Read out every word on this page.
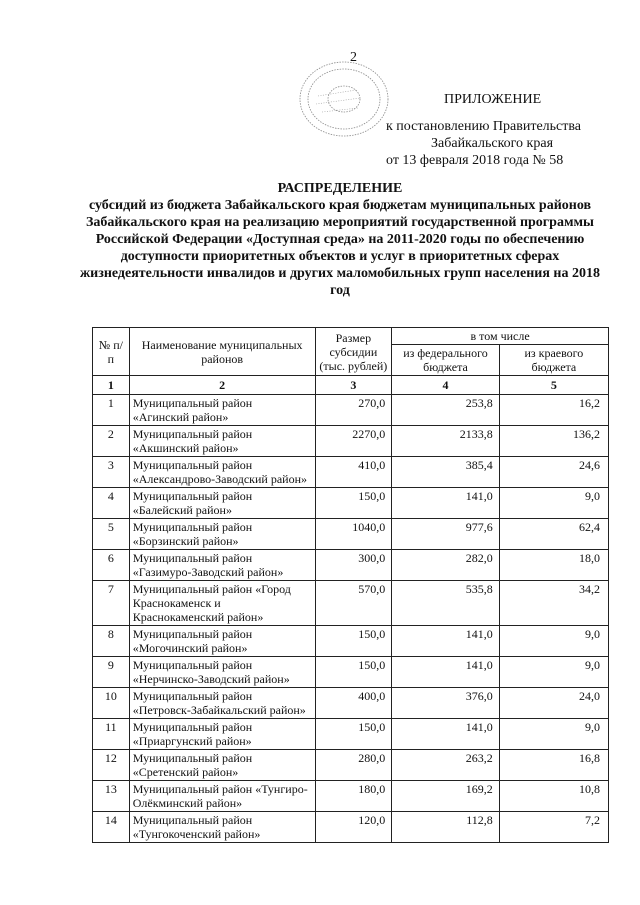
2
ПРИЛОЖЕНИЕ
к постановлению Правительства
Забайкальского края
от 13 февраля 2018 года № 58
РАСПРЕДЕЛЕНИЕ
субсидий из бюджета Забайкальского края бюджетам муниципальных районов Забайкальского края на реализацию мероприятий государственной программы Российской Федерации «Доступная среда» на 2011-2020 годы по обеспечению доступности приоритетных объектов и услуг в приоритетных сферах жизнедеятельности инвалидов и других маломобильных групп населения на 2018 год
№ п/п	Наименование муниципальных районов	Размер субсидии (тыс. рублей)	в том числе	
			из федерального бюджета	из краевого бюджета
1	2	3	4	5
1	Муниципальный район «Агинский район»	270,0	253,8	16,2
2	Муниципальный район «Акшинский район»	2270,0	2133,8	136,2
3	Муниципальный район «Александрово-Заводский район»	410,0	385,4	24,6
4	Муниципальный район «Балейский район»	150,0	141,0	9,0
5	Муниципальный район «Борзинский район»	1040,0	977,6	62,4
6	Муниципальный район «Газимуро-Заводский район»	300,0	282,0	18,0
7	Муниципальный район «Город Краснокаменск и Краснокаменский район»	570,0	535,8	34,2
8	Муниципальный район «Могочинский район»	150,0	141,0	9,0
9	Муниципальный район «Нерчинско-Заводский район»	150,0	141,0	9,0
10	Муниципальный район «Петровск-Забайкальский район»	400,0	376,0	24,0
11	Муниципальный район «Приаргунский район»	150,0	141,0	9,0
12	Муниципальный район «Сретенский район»	280,0	263,2	16,8
13	Муниципальный район «Тунгиро-Олёкминский район»	180,0	169,2	10,8
14	Муниципальный район «Тунгокоченский район»	120,0	112,8	7,2
